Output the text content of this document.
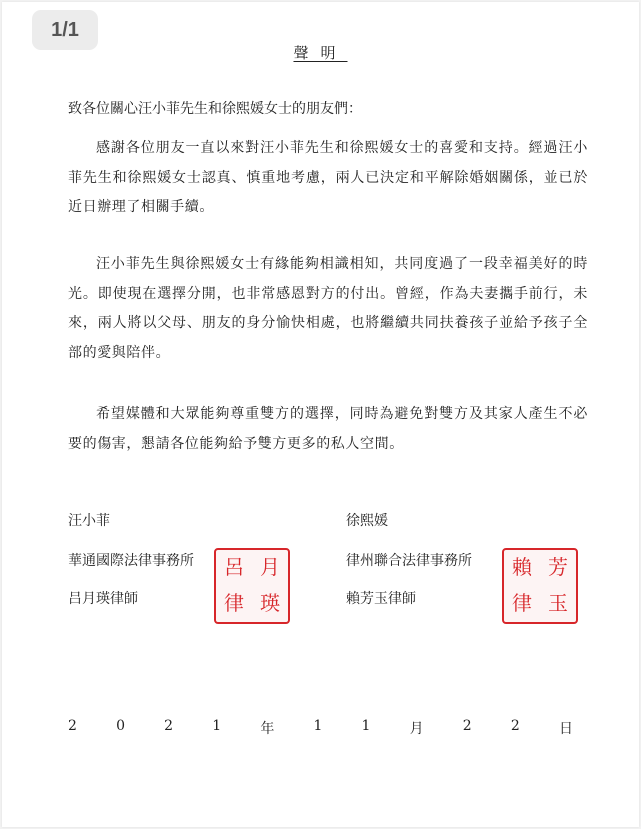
1/1
聲明
致各位關心汪小菲先生和徐熙媛女士的朋友們：

感謝各位朋友一直以來對汪小菲先生和徐熙媛女士的喜愛和支持。經過汪小菲先生和徐熙媛女士認真、慎重地考慮，兩人已決定和平解除婚姻關係，並已於近日辦理了相關手續。

汪小菲先生與徐熙媛女士有緣能夠相識相知，共同度過了一段幸福美好的時光。即使現在選擇分開，也非常感恩對方的付出。曾經，作為夫妻攜手前行，未來，兩人將以父母、朋友的身分愉快相處，也將繼續共同扶養孩子並給予孩子全部的愛與陪伴。

希望媒體和大眾能夠尊重雙方的選擇，同時為避免對雙方及其家人產生不必要的傷害，懇請各位能夠給予雙方更多的私人空間。

汪小菲
華通國際法律事務所
吕月瑛律師
徐熙媛
律州聯合法律事務所
賴芳玉律師
呂 月
律 瑛
賴 芳
律 玉
2	0	2	1	年	1	1	月	2	2	日
